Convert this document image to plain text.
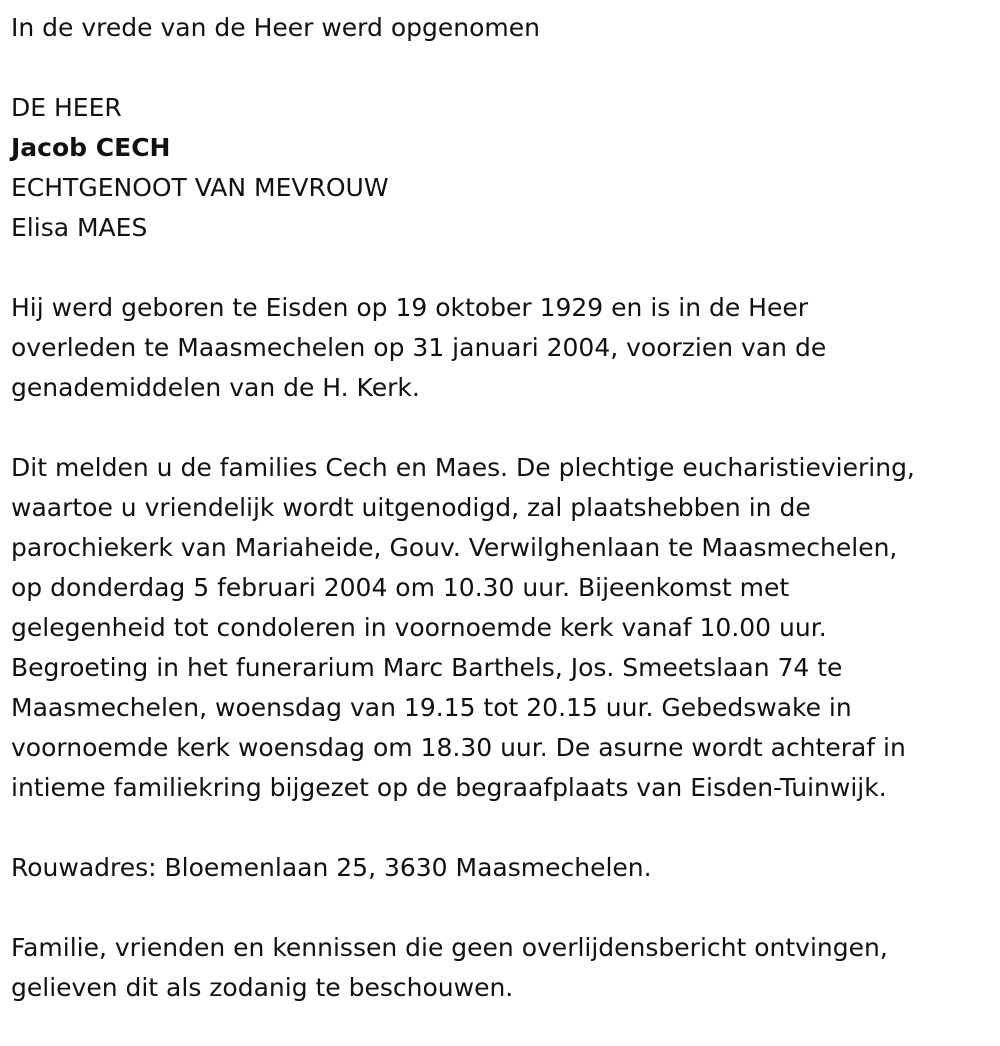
In de vrede van de Heer werd opgenomen

DE HEER

Jacob CECH

ECHTGENOOT VAN MEVROUW

Elisa MAES

Hij werd geboren te Eisden op 19 oktober 1929 en is in de Heer

overleden te Maasmechelen op 31 januari 2004, voorzien van de

genademiddelen van de H. Kerk.

Dit melden u de families Cech en Maes. De plechtige eucharistieviering,

waartoe u vriendelijk wordt uitgenodigd, zal plaatshebben in de

parochiekerk van Mariaheide, Gouv. Verwilghenlaan te Maasmechelen,

op donderdag 5 februari 2004 om 10.30 uur. Bijeenkomst met

gelegenheid tot condoleren in voornoemde kerk vanaf 10.00 uur.

Begroeting in het funerarium Marc Barthels, Jos. Smeetslaan 74 te

Maasmechelen, woensdag van 19.15 tot 20.15 uur. Gebedswake in

voornoemde kerk woensdag om 18.30 uur. De asurne wordt achteraf in

intieme familiekring bijgezet op de begraafplaats van Eisden-Tuinwijk.

Rouwadres: Bloemenlaan 25, 3630 Maasmechelen.

Familie, vrienden en kennissen die geen overlijdensbericht ontvingen,

gelieven dit als zodanig te beschouwen.
